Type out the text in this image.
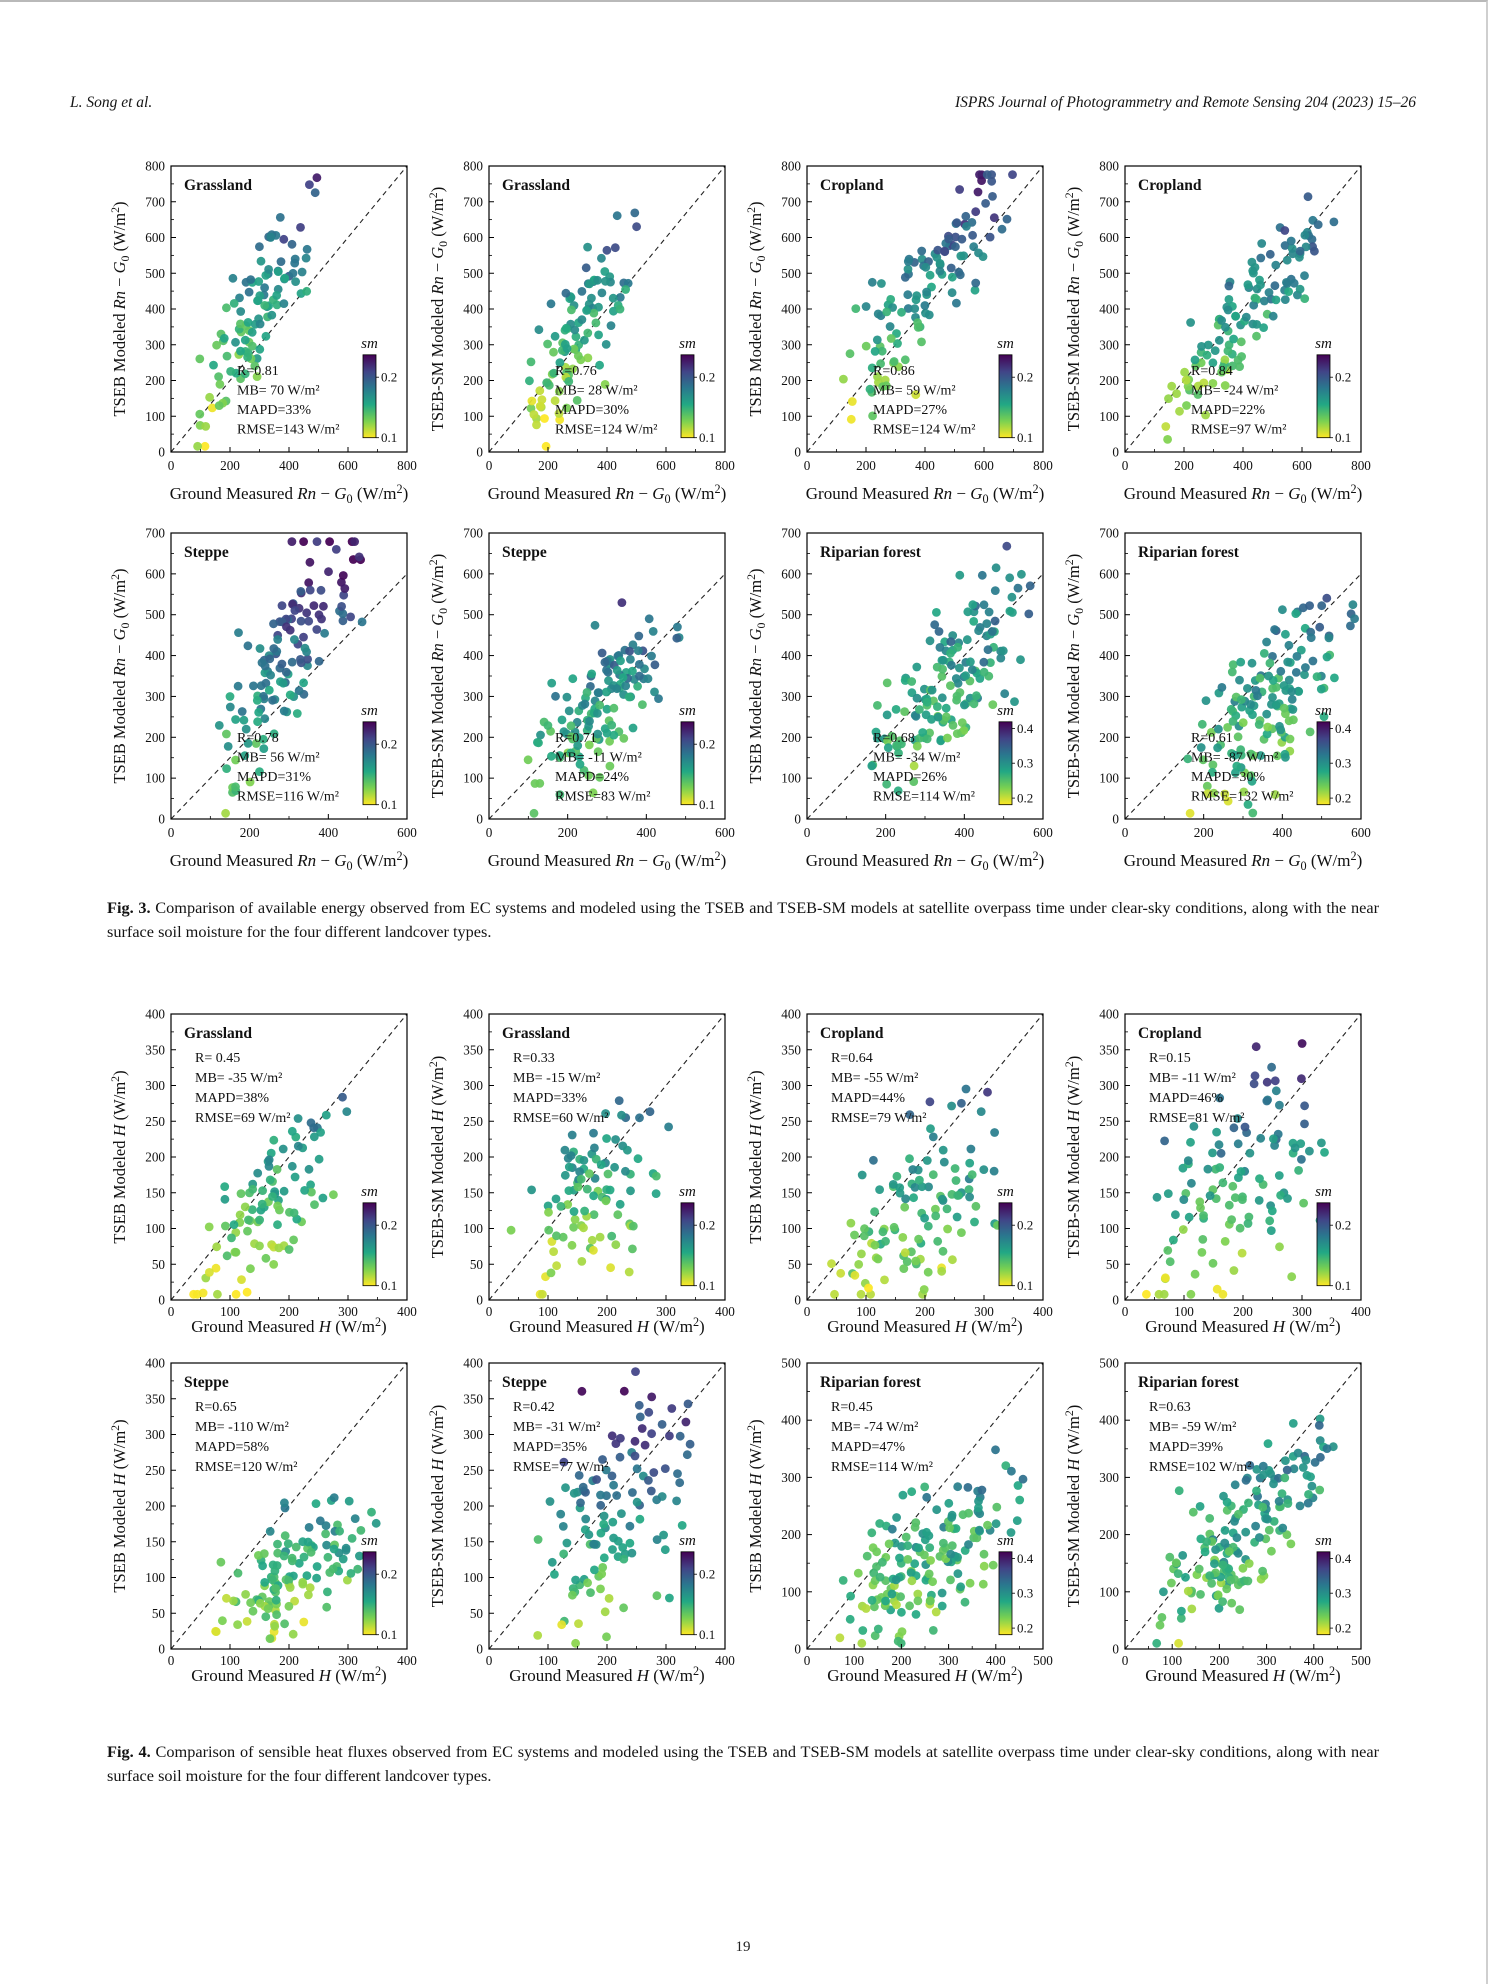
L. Song et al.	ISPRS Journal of Photogrammetry and Remote Sensing 204 (2023) 15–26
0	200	400	600	800
0
100
200
300
400
500
600
700
800
Grassland
R=0.81
MB= 70 W/m²
MAPD=33%
RMSE=143 W/m²
sm
0.2
0.1
Ground Measured $Rn - G_0$ $(W/m^2)$
TSEB Modeled $Rn - G_0$ $(W/m^2)$
0	200	400	600	800
0
100
200
300
400
500
600
700
800
Grassland
R=0.76
MB= 28 W/m²
MAPD=30%
RMSE=124 W/m²
sm
0.2
0.1
Ground Measured $Rn - G_0$ $(W/m^2)$
TSEB-SM Modeled $Rn - G_0$ $(W/m^2)$
0	200	400	600	800
0
100
200
300
400
500
600
700
800
Cropland
R=0.86
MB= 59 W/m²
MAPD=27%
RMSE=124 W/m²
sm
0.2
0.1
Ground Measured $Rn - G_0$ $(W/m^2)$
TSEB Modeled $Rn - G_0$ $(W/m^2)$
0	200	400	600	800
0
100
200
300
400
500
600
700
800
Cropland
R=0.84
MB= -24 W/m²
MAPD=22%
RMSE=97 W/m²
sm
0.2
0.1
Ground Measured $Rn - G_0$ $(W/m^2)$
TSEB-SM Modeled $Rn - G_0$ $(W/m^2)$
0	200	400	600
0
100
200
300
400
500
600
700
Steppe
R=0.78
MB= 56 W/m²
MAPD=31%
RMSE=116 W/m²
sm
0.2
0.1
Ground Measured $Rn - G_0$ $(W/m^2)$
TSEB Modeled $Rn - G_0$ $(W/m^2)$
0	200	400	600
0
100
200
300
400
500
600
700
Steppe
R=0.71
MB= -11 W/m²
MAPD=24%
RMSE=83 W/m²
sm
0.2
0.1
Ground Measured $Rn - G_0$ $(W/m^2)$
TSEB-SM Modeled $Rn - G_0$ $(W/m^2)$
0	200	400	600
0
100
200
300
400
500
600
700
Riparian forest
R=0.68
MB= -34 W/m²
MAPD=26%
RMSE=114 W/m²
sm
0.4
0.3
0.2
Ground Measured $Rn - G_0$ $(W/m^2)$
TSEB Modeled $Rn - G_0$ $(W/m^2)$
0	200	400	600
0
100
200
300
400
500
600
700
Riparian forest
R=0.61
MB= -87 W/m²
MAPD=30%
RMSE=132 W/m²
sm
0.4
0.3
0.2
Ground Measured $Rn - G_0$ $(W/m^2)$
TSEB-SM Modeled $Rn - G_0$ $(W/m^2)$

Fig. 3. Comparison of available energy observed from EC systems and modeled using the TSEB and TSEB-SM models at satellite overpass time under clear-sky conditions, along with the near surface soil moisture for the four different landcover types.

0	100	200	300	400
0
50
100
150
200
250
300
350
400
Grassland
R= 0.45
MB= -35 W/m²
MAPD=38%
RMSE=69 W/m²
sm
0.2
0.1
Ground Measured H $(W/m^2)$
TSEB Modeled H $(W/m^2)$
0	100	200	300	400
0
50
100
150
200
250
300
350
400
Grassland
R=0.33
MB= -15 W/m²
MAPD=33%
RMSE=60 W/m²
sm
0.2
0.1
Ground Measured H $(W/m^2)$
TSEB-SM Modeled H $(W/m^2)$
0	100	200	300	400
0
50
100
150
200
250
300
350
400
Cropland
R=0.64
MB= -55 W/m²
MAPD=44%
RMSE=79 W/m²
sm
0.2
0.1
Ground Measured H $(W/m^2)$
TSEB Modeled H $(W/m^2)$
0	100	200	300	400
0
50
100
150
200
250
300
350
400
Cropland
R=0.15
MB= -11 W/m²
MAPD=46%
RMSE=81 W/m²
sm
0.2
0.1
Ground Measured H $(W/m^2)$
TSEB-SM Modeled H $(W/m^2)$
0	100	200	300	400
0
50
100
150
200
250
300
350
400
Steppe
R=0.65
MB= -110 W/m²
MAPD=58%
RMSE=120 W/m²
sm
0.2
0.1
Ground Measured H $(W/m^2)$
TSEB Modeled H $(W/m^2)$
0	100	200	300	400
0
50
100
150
200
250
300
350
400
Steppe
R=0.42
MB= -31 W/m²
MAPD=35%
RMSE=77 W/m²
sm
0.2
0.1
Ground Measured H $(W/m^2)$
TSEB-SM Modeled H $(W/m^2)$
0	100 200 300 400 500
0
100
200
300
400
500
Riparian forest
R=0.45
MB= -74 W/m²
MAPD=47%
RMSE=114 W/m²
sm
0.4
0.3
0.2
Ground Measured H $(W/m^2)$
TSEB Modeled H $(W/m^2)$
0	100 200 300 400 500
0
100
200
300
400
500
Riparian forest
R=0.63
MB= -59 W/m²
MAPD=39%
RMSE=102 W/m²
sm
0.4
0.3
0.2
Ground Measured H $(W/m^2)$
TSEB-SM Modeled H $(W/m^2)$

Fig. 4. Comparison of sensible heat fluxes observed from EC systems and modeled using the TSEB and TSEB-SM models at satellite overpass time under clear-sky conditions, along with near surface soil moisture for the four different landcover types.

19
